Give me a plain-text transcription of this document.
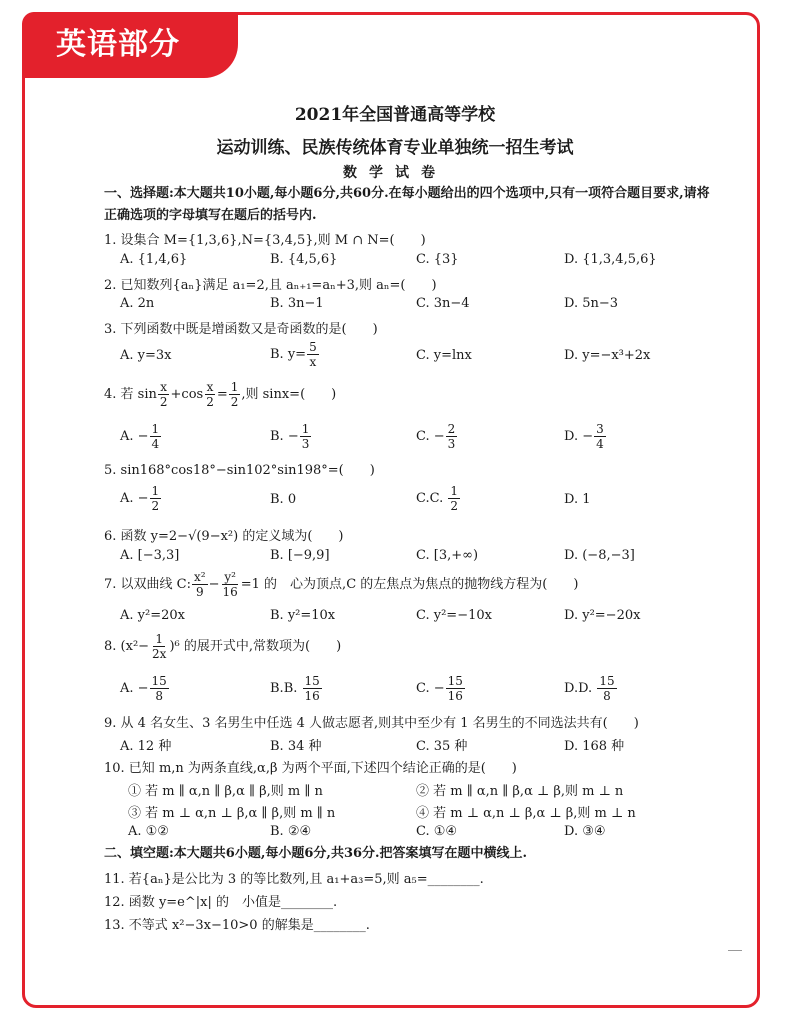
英语部分
2021年全国普通高等学校
运动训练、民族传统体育专业单独统一招生考试
数学试卷
一、选择题:本大题共10小题,每小题6分,共60分.在每小题给出的四个选项中,只有一项符合题目要求,请将正确选项的字母填写在题后的括号内.
1. 设集合 M={1,3,6},N={3,4,5},则 M ∩ N=(　　)
A. {1,4,6}	B. {4,5,6}	C. {3}	D. {1,3,4,5,6}
2. 已知数列{aₙ}满足 a₁=2,且 aₙ₊₁=aₙ+3,则 aₙ=(　　)
A. 2n	B. 3n−1	C. 3n−4	D. 5n−3
3. 下列函数中既是增函数又是奇函数的是(　　)
A. y=3x	B. $y= \frac{5}{x}$	C. y=lnx	D. y=−x³+2x
4. 若 $\sin \frac{x}{2} +\cos \frac{x}{2} = \frac{1}{2}$ ,则 sinx=(　　)
A. − $\frac{1}{4}$	B. − $\frac{1}{3}$	C. − $\frac{2}{3}$	D. − $\frac{3}{4}$
5. sin168°cos18°−sin102°sin198°=(　　)
A. − $\frac{1}{2}$	B. 0	C.C. $\frac{1}{2}$	D. 1
6. 函数 y=2−√(9−x²) 的定义域为(　　)
A. [−3,3]	B. [−9,9]	C. [3,+∞)	D. (−8,−3]
7. 以双曲线 C: $\frac{\text{x²}}{9} - \frac{\text{y²}}{16} =1$ 的　心为顶点,C 的左焦点为焦点的抛物线方程为(　　)
A. y²=20x	B. y²=10x	C. y²=−10x	D. y²=−20x
8. $(x^2- \frac{1}{2x} )^6$ 的展开式中,常数项为(　　)
A. − $\frac{15}{8}$	B.B. $\frac{15}{16}$	C. − $\frac{15}{16}$	D.D. $\frac{15}{8}$
9. 从 4 名女生、3 名男生中任选 4 人做志愿者,则其中至少有 1 名男生的不同选法共有(　　)
A. 12 种	B. 34 种	C. 35 种	D. 168 种
10. 已知 m,n 为两条直线,α,β 为两个平面,下述四个结论正确的是(　　)
① 若 m ∥ α,n ∥ β,α ∥ β,则 m ∥ n	② 若 m ∥ α,n ∥ β,α ⊥ β,则 m ⊥ n
③ 若 m ⊥ α,n ⊥ β,α ∥ β,则 m ∥ n	④ 若 m ⊥ α,n ⊥ β,α ⊥ β,则 m ⊥ n
A. ①②	B. ②④	C. ①④	D. ③④
二、填空题:本大题共6小题,每小题6分,共36分.把答案填写在题中横线上.
11. 若{aₙ}是公比为 3 的等比数列,且 a₁+a₃=5,则 a₅=________.
12. 函数 y=e^|x| 的　小值是________.
13. 不等式 x²−3x−10>0 的解集是________.
